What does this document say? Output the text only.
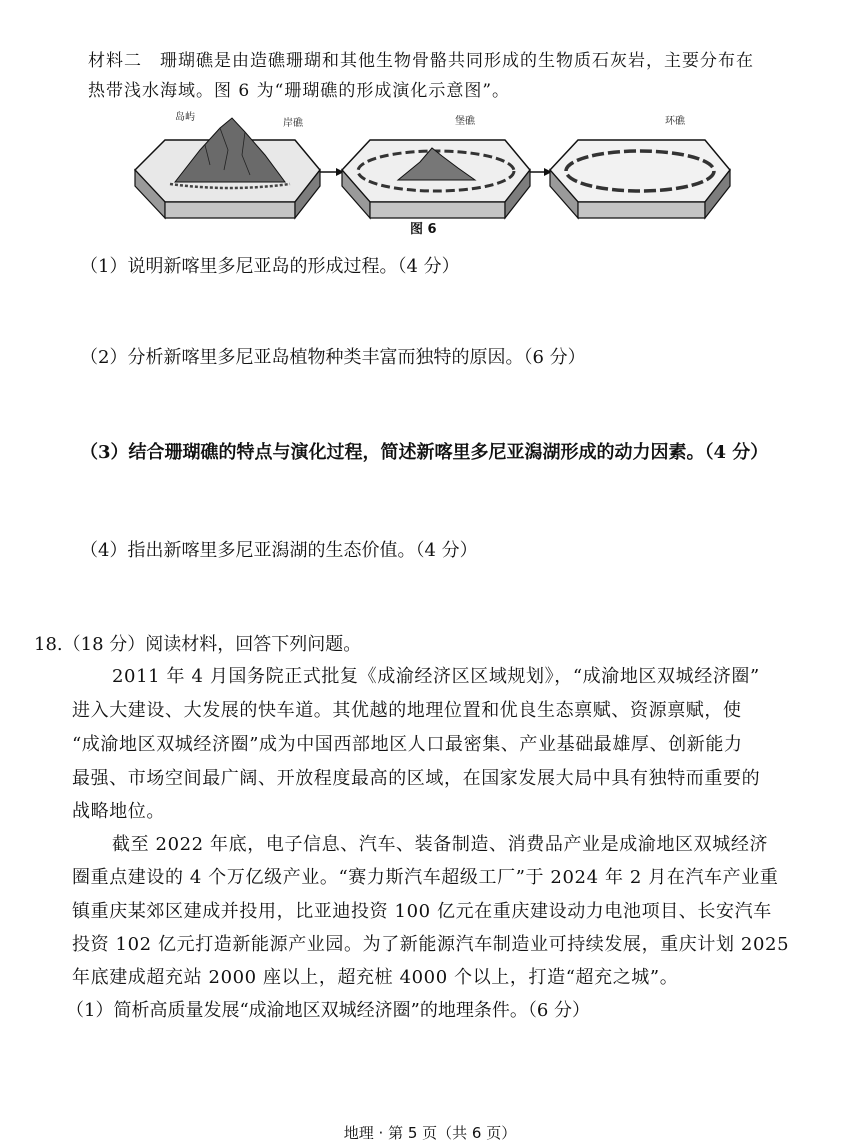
材料二　珊瑚礁是由造礁珊瑚和其他生物骨骼共同形成的生物质石灰岩，主要分布在
热带浅水海域。图 6 为“珊瑚礁的形成演化示意图”。
岛屿
岸礁	堡礁	环礁
图 6
（1）说明新喀里多尼亚岛的形成过程。（4 分）
（2）分析新喀里多尼亚岛植物种类丰富而独特的原因。（6 分）
（3）结合珊瑚礁的特点与演化过程，简述新喀里多尼亚潟湖形成的动力因素。（4 分）
（4）指出新喀里多尼亚潟湖的生态价值。（4 分）
18.（18 分）阅读材料，回答下列问题。
2011 年 4 月国务院正式批复《成渝经济区区域规划》，“成渝地区双城经济圈”
进入大建设、大发展的快车道。其优越的地理位置和优良生态禀赋、资源禀赋，使
“成渝地区双城经济圈”成为中国西部地区人口最密集、产业基础最雄厚、创新能力
最强、市场空间最广阔、开放程度最高的区域，在国家发展大局中具有独特而重要的
战略地位。
截至 2022 年底，电子信息、汽车、装备制造、消费品产业是成渝地区双城经济
圈重点建设的 4 个万亿级产业。“赛力斯汽车超级工厂”于 2024 年 2 月在汽车产业重
镇重庆某郊区建成并投用，比亚迪投资 100 亿元在重庆建设动力电池项目、长安汽车
投资 102 亿元打造新能源产业园。为了新能源汽车制造业可持续发展，重庆计划 2025
年底建成超充站 2000 座以上，超充桩 4000 个以上，打造“超充之城”。
（1）简析高质量发展“成渝地区双城经济圈”的地理条件。（6 分）
地理 · 第 5 页（共 6 页）
